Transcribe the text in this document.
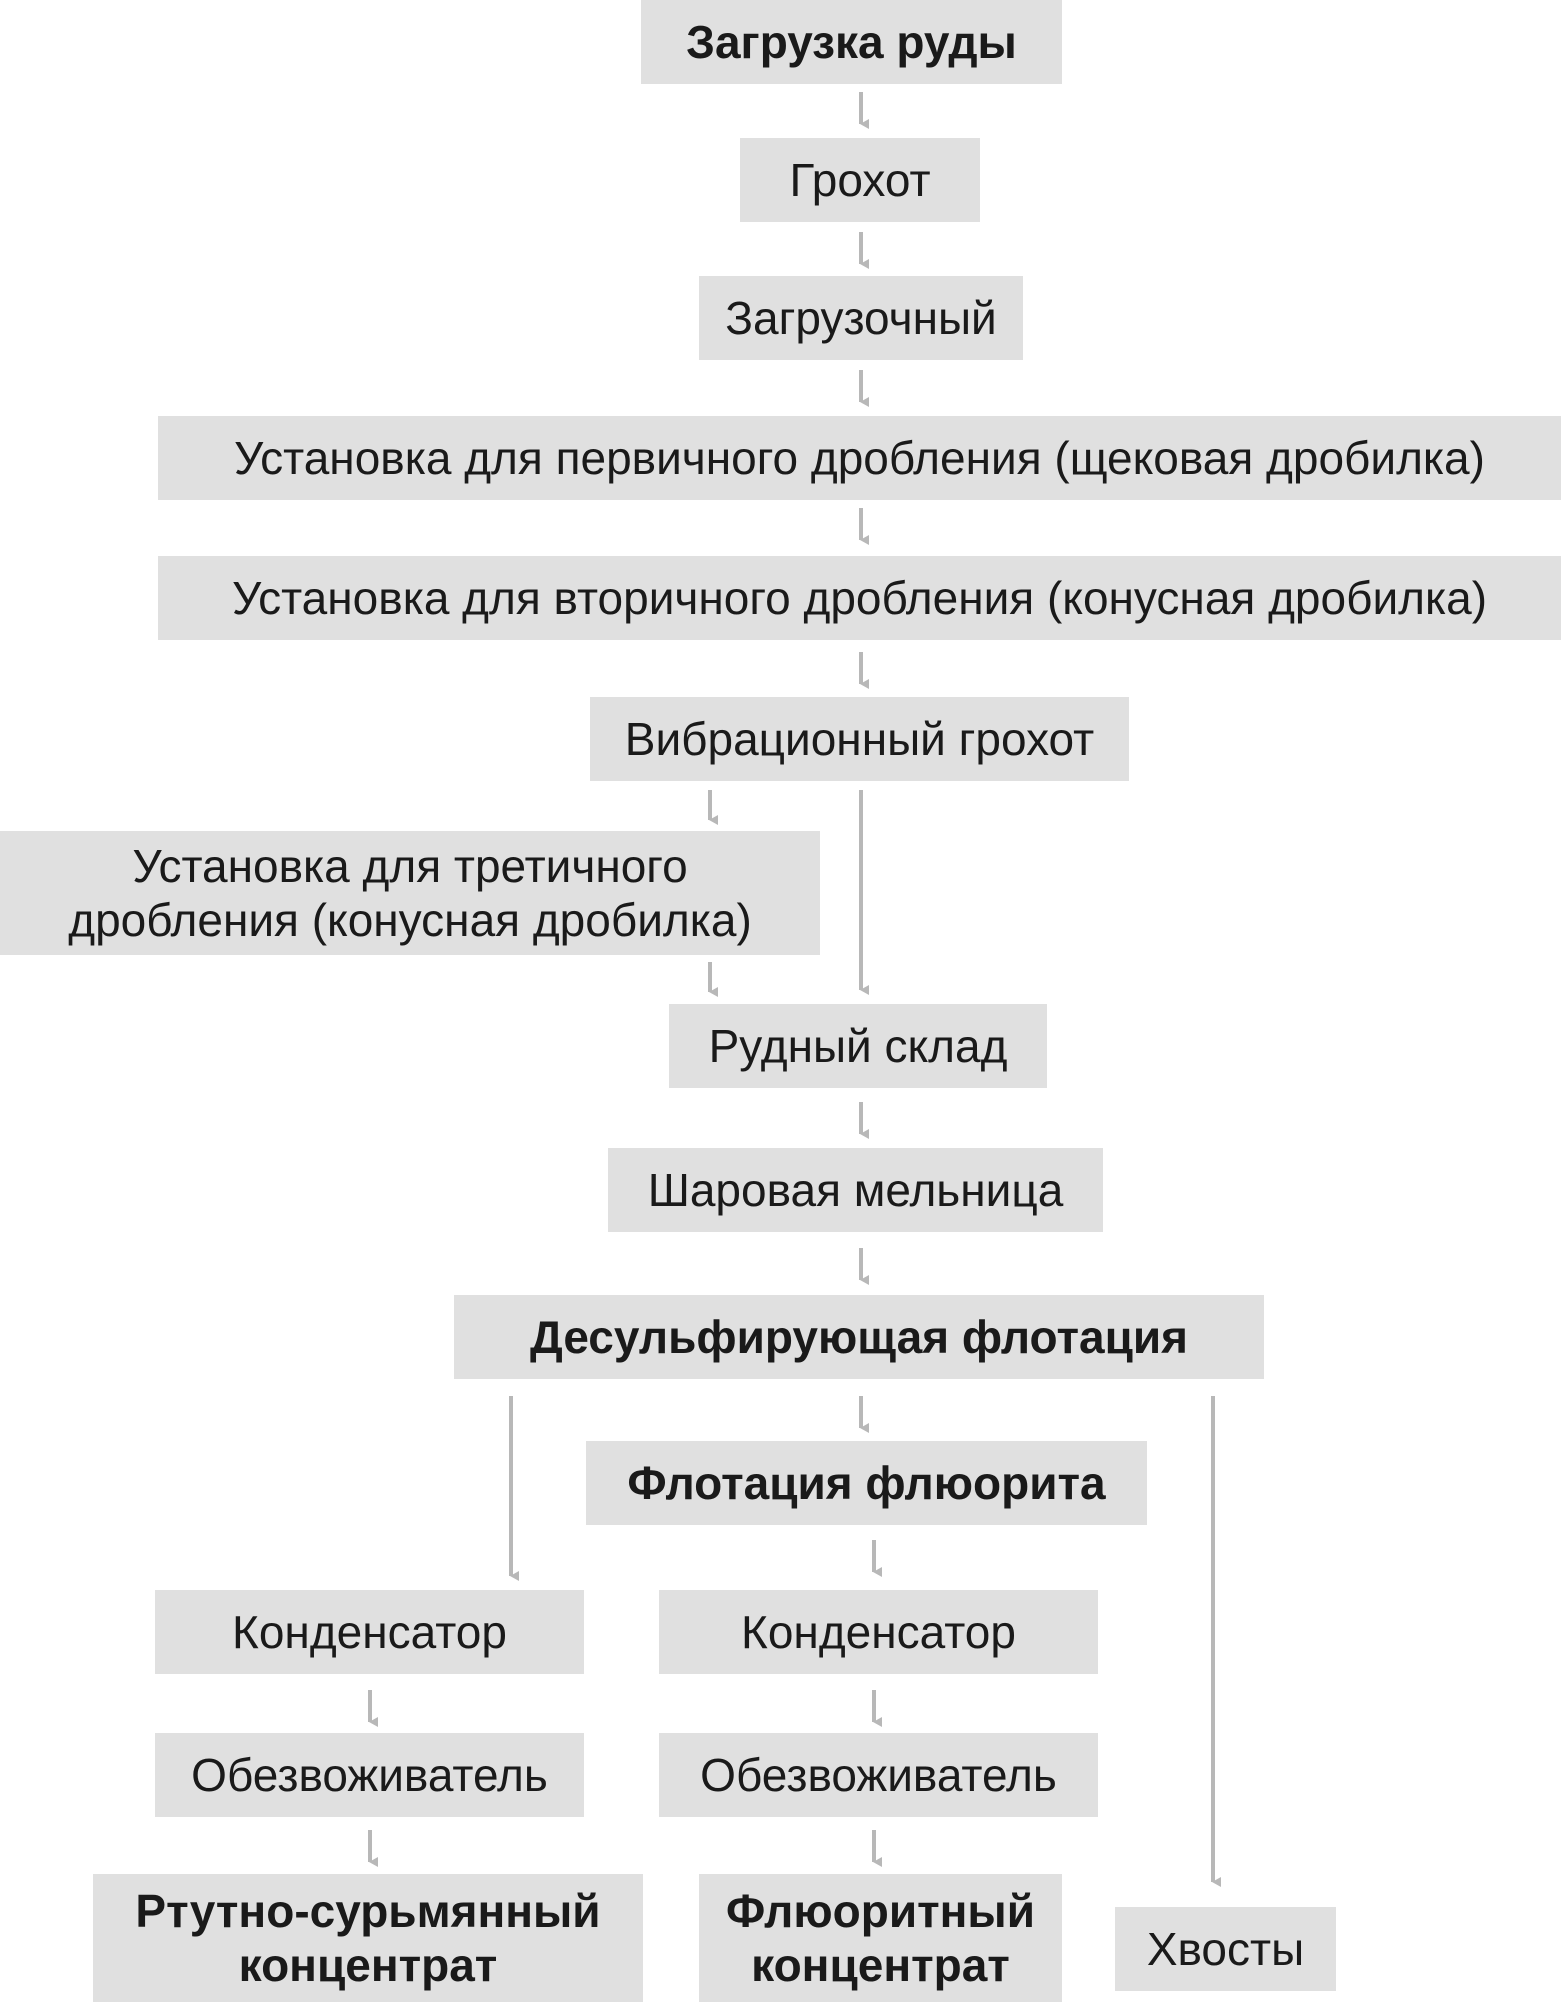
Загрузка руды
Грохот
Загрузочный
Установка для первичного дробления (щековая дробилка)
Установка для вторичного дробления (конусная дробилка)
Вибрационный грохот
Установка для третичного
дробления (конусная дробилка)
Рудный склад
Шаровая мельница
Десульфирующая флотация
Флотация флюорита
Конденсатор	Конденсатор
Обезвоживатель	Обезвоживатель
Ртутно-сурьмянный
концентрат
Флюоритный
концентрат	Хвосты
